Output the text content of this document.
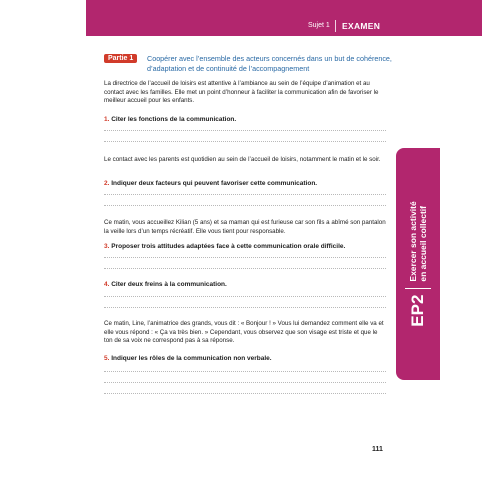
Sujet 1 EXAMEN
Partie 1	Coopérer avec l’ensemble des acteurs concernés dans un but de cohérence, d’adaptation et de continuité de l’accompagnement

La directrice de l’accueil de loisirs est attentive à l’ambiance au sein de l’équipe d’animation et au contact avec les familles. Elle met un point d’honneur à faciliter la communication afin de favoriser le meilleur accueil pour les enfants.

1. Citer les fonctions de la communication.

Le contact avec les parents est quotidien au sein de l’accueil de loisirs, notamment le matin et le soir.

2. Indiquer deux facteurs qui peuvent favoriser cette communication.

Ce matin, vous accueillez Kilian (5 ans) et sa maman qui est furieuse car son fils a abîmé son pantalon la veille lors d’un temps récréatif. Elle vous tient pour responsable.

3. Proposer trois attitudes adaptées face à cette communication orale difficile.
4. Citer deux freins à la communication.

Ce matin, Line, l’animatrice des grands, vous dit : « Bonjour ! » Vous lui demandez comment elle va et elle vous répond : « Ça va très bien. » Cependant, vous observez que son visage est triste et que le ton de sa voix ne correspond pas à sa réponse.

5. Indiquer les rôles de la communication non verbale.
EP2
Exercer son activité
en accueil collectif
111
